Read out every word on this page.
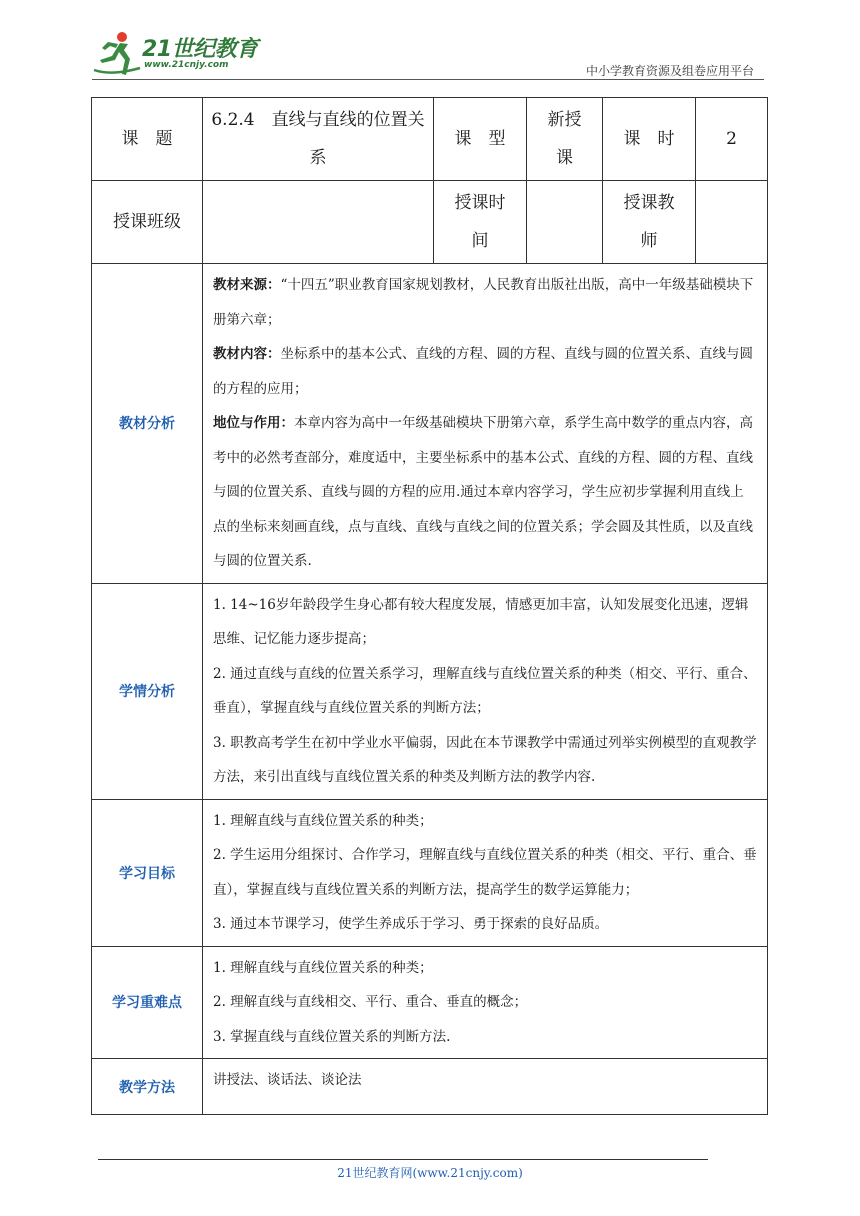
21世纪教育
www.21cnjy.com	中小学教育资源及组卷应用平台
课　题	6.2.4　直线与直线的位置关系	课　型	新授课	课　时	2
授课班级		授课时间		授课教师	
教材分析	教材来源：“十四五”职业教育国家规划教材，人民教育出版社出版，高中一年级基础模块下册第六章；

教材内容：坐标系中的基本公式、直线的方程、圆的方程、直线与圆的位置关系、直线与圆的方程的应用；

地位与作用：本章内容为高中一年级基础模块下册第六章，系学生高中数学的重点内容，高考中的必然考查部分，难度适中，主要坐标系中的基本公式、直线的方程、圆的方程、直线与圆的位置关系、直线与圆的方程的应用.通过本章内容学习，学生应初步掌握利用直线上点的坐标来刻画直线，点与直线、直线与直线之间的位置关系；学会圆及其性质，以及直线与圆的位置关系.				

学情分析	1. 14~16岁年龄段学生身心都有较大程度发展，情感更加丰富，认知发展变化迅速，逻辑思维、记忆能力逐步提高；

2. 通过直线与直线的位置关系学习，理解直线与直线位置关系的种类（相交、平行、重合、垂直），掌握直线与直线位置关系的判断方法；

3. 职教高考学生在初中学业水平偏弱，因此在本节课教学中需通过列举实例模型的直观教学方法，来引出直线与直线位置关系的种类及判断方法的教学内容.				

学习目标	1. 理解直线与直线位置关系的种类；

2. 学生运用分组探讨、合作学习，理解直线与直线位置关系的种类（相交、平行、重合、垂直），掌握直线与直线位置关系的判断方法，提高学生的数学运算能力；

3. 通过本节课学习，使学生养成乐于学习、勇于探索的良好品质。				

学习重难点	1. 理解直线与直线位置关系的种类；

2. 理解直线与直线相交、平行、重合、垂直的概念；

3. 掌握直线与直线位置关系的判断方法.				

教学方法	讲授法、谈话法、谈论法				
21世纪教育网(www.21cnjy.com)
